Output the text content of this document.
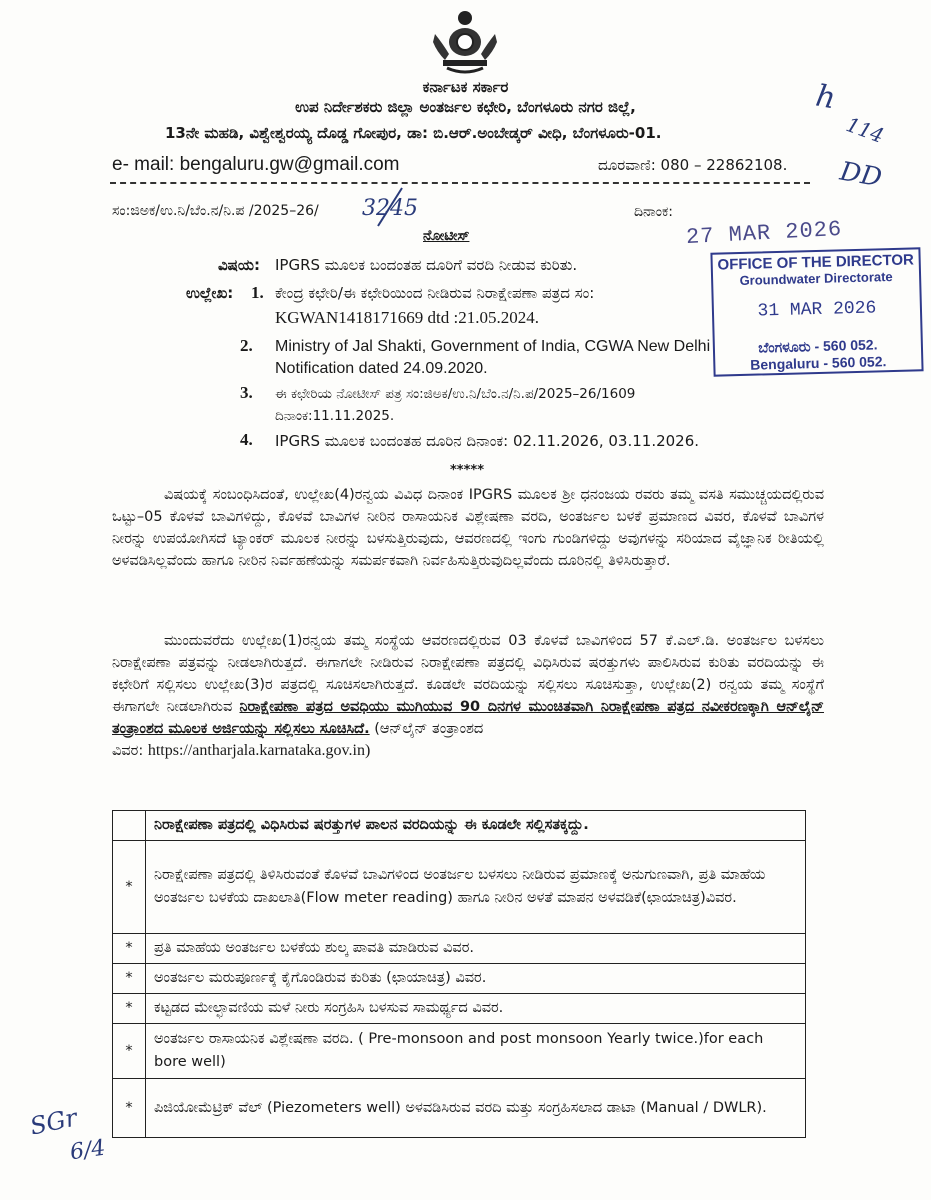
ಕರ್ನಾಟಕ ಸರ್ಕಾರ
ಉಪ ನಿರ್ದೇಶಕರು ಜಿಲ್ಲಾ ಅಂತರ್ಜಲ ಕಛೇರಿ, ಬೆಂಗಳೂರು ನಗರ ಜಿಲ್ಲೆ,
13ನೇ ಮಹಡಿ, ವಿಶ್ವೇಶ್ವರಯ್ಯ ದೊಡ್ಡ ಗೋಪುರ, ಡಾ: ಬಿ.ಆರ್.ಅಂಬೇಡ್ಕರ್ ವೀಧಿ, ಬೆಂಗಳೂರು-01.
e- mail: bengaluru.gw@gmail.com	ದೂರವಾಣಿ: 080 – 22862108.
ಸಂ:ಜಿಅಕ/ಉ.ನಿ/ಬೆಂ.ನ/ನಿ.ಪ /2025–26/ 3245	ದಿನಾಂಕ:
27 MAR 2026
ನೋಟೀಸ್
OFFICE OF THE DIRECTOR
Groundwater Directorate
31 MAR 2026
ಬೆಂಗಳೂರು - 560 052.
Bengaluru - 560 052.
ವಿಷಯ: IPGRS ಮೂಲಕ ಬಂದಂತಹ ದೂರಿಗೆ ವರದಿ ನೀಡುವ ಕುರಿತು.
ಉಲ್ಲೇಖ: 1. ಕೇಂದ್ರ ಕಛೇರಿ/ಈ ಕಛೇರಿಯಿಂದ ನೀಡಿರುವ ನಿರಾಕ್ಷೇಪಣಾ ಪತ್ರದ ಸಂ:
KGWAN1418171669 dtd :21.05.2024.
2. Ministry of Jal Shakti, Government of India, CGWA New Delhi
Notification dated 24.09.2020.
3. ಈ ಕಛೇರಿಯ ನೋಟೀಸ್ ಪತ್ರ ಸಂ:ಜಿಅಕ/ಉ.ನಿ/ಬೆಂ.ನ/ನಿ.ಪ/2025–26/1609
ದಿನಾಂಕ:11.11.2025.
4. IPGRS ಮೂಲಕ ಬಂದಂತಹ ದೂರಿನ ದಿನಾಂಕ: 02.11.2026, 03.11.2026.
*****
ವಿಷಯಕ್ಕೆ ಸಂಬಂಧಿಸಿದಂತೆ, ಉಲ್ಲೇಖ(4)ರನ್ವಯ ವಿವಿಧ ದಿನಾಂಕ IPGRS ಮೂಲಕ ಶ್ರೀ ಧನಂಜಯ ರವರು ತಮ್ಮ ವಸತಿ ಸಮುಚ್ಚಯದಲ್ಲಿರುವ ಒಟ್ಟು–05 ಕೊಳವೆ ಬಾವಿಗಳಿದ್ದು, ಕೊಳವೆ ಬಾವಿಗಳ ನೀರಿನ ರಾಸಾಯನಿಕ ವಿಶ್ಲೇಷಣಾ ವರದಿ, ಅಂತರ್ಜಲ ಬಳಕೆ ಪ್ರಮಾಣದ ವಿವರ, ಕೊಳವೆ ಬಾವಿಗಳ ನೀರನ್ನು ಉಪಯೋಗಿಸದೆ ಟ್ಯಾಂಕರ್ ಮೂಲಕ ನೀರನ್ನು ಬಳಸುತ್ತಿರುವುದು, ಆವರಣದಲ್ಲಿ ಇಂಗು ಗುಂಡಿಗಳಿದ್ದು ಅವುಗಳನ್ನು ಸರಿಯಾದ ವೈಜ್ಞಾನಿಕ ರೀತಿಯಲ್ಲಿ ಅಳವಡಿಸಿಲ್ಲವೆಂದು ಹಾಗೂ ನೀರಿನ ನಿರ್ವಹಣೆಯನ್ನು ಸಮರ್ಪಕವಾಗಿ ನಿರ್ವಹಿಸುತ್ತಿರುವುದಿಲ್ಲವೆಂದು ದೂರಿನಲ್ಲಿ ತಿಳಿಸಿರುತ್ತಾರೆ.
ಮುಂದುವರೆದು ಉಲ್ಲೇಖ(1)ರನ್ವಯ ತಮ್ಮ ಸಂಸ್ಥೆಯ ಆವರಣದಲ್ಲಿರುವ 03 ಕೊಳವೆ ಬಾವಿಗಳಿಂದ 57 ಕೆ.ಎಲ್.ಡಿ. ಅಂತರ್ಜಲ ಬಳಸಲು ನಿರಾಕ್ಷೇಪಣಾ ಪತ್ರವನ್ನು ನೀಡಲಾಗಿರುತ್ತದೆ. ಈಗಾಗಲೇ ನೀಡಿರುವ ನಿರಾಕ್ಷೇಪಣಾ ಪತ್ರದಲ್ಲಿ ವಿಧಿಸಿರುವ ಷರತ್ತುಗಳು ಪಾಲಿಸಿರುವ ಕುರಿತು ವರದಿಯನ್ನು ಈ ಕಛೇರಿಗೆ ಸಲ್ಲಿಸಲು ಉಲ್ಲೇಖ(3)ರ ಪತ್ರದಲ್ಲಿ ಸೂಚಿಸಲಾಗಿರುತ್ತದೆ. ಕೂಡಲೇ ವರದಿಯನ್ನು ಸಲ್ಲಿಸಲು ಸೂಚಿಸುತ್ತಾ, ಉಲ್ಲೇಖ(2) ರನ್ವಯ ತಮ್ಮ ಸಂಸ್ಥೆಗೆ ಈಗಾಗಲೇ ನೀಡಲಾಗಿರುವ ನಿರಾಕ್ಷೇಪಣಾ ಪತ್ರದ ಅವಧಿಯು ಮುಗಿಯುವ 90 ದಿನಗಳ ಮುಂಚಿತವಾಗಿ ನಿರಾಕ್ಷೇಪಣಾ ಪತ್ರದ ನವೀಕರಣಕ್ಕಾಗಿ ಆನ್‌ಲೈನ್ ತಂತ್ರಾಂಶದ ಮೂಲಕ ಅರ್ಜಿಯನ್ನು ಸಲ್ಲಿಸಲು ಸೂಚಿಸಿದೆ. (ಆನ್‌ಲೈನ್ ತಂತ್ರಾಂಶದ
ವಿವರ: https://antharjala.karnataka.gov.in)
	ನಿರಾಕ್ಷೇಪಣಾ ಪತ್ರದಲ್ಲಿ ವಿಧಿಸಿರುವ ಷರತ್ತುಗಳ ಪಾಲನ ವರದಿಯನ್ನು ಈ ಕೂಡಲೇ ಸಲ್ಲಿಸತಕ್ಕದ್ದು.
*	ನಿರಾಕ್ಷೇಪಣಾ ಪತ್ರದಲ್ಲಿ ತಿಳಿಸಿರುವಂತೆ ಕೊಳವೆ ಬಾವಿಗಳಿಂದ ಅಂತರ್ಜಲ ಬಳಸಲು ನೀಡಿರುವ ಪ್ರಮಾಣಕ್ಕೆ ಅನುಗುಣವಾಗಿ, ಪ್ರತಿ ಮಾಹೆಯ ಅಂತರ್ಜಲ ಬಳಕೆಯ ದಾಖಲಾತಿ(Flow meter reading) ಹಾಗೂ ನೀರಿನ ಅಳತೆ ಮಾಪನ ಅಳವಡಿಕೆ(ಛಾಯಾಚಿತ್ರ)ವಿವರ.
*	ಪ್ರತಿ ಮಾಹೆಯ ಅಂತರ್ಜಲ ಬಳಕೆಯ ಶುಲ್ಕ ಪಾವತಿ ಮಾಡಿರುವ ವಿವರ.
*	ಅಂತರ್ಜಲ ಮರುಪೂರ್ಣಕ್ಕೆ ಕೈಗೊಂಡಿರುವ ಕುರಿತು (ಛಾಯಾಚಿತ್ರ) ವಿವರ.
*	ಕಟ್ಟಡದ ಮೇಲ್ಛಾವಣಿಯ ಮಳೆ ನೀರು ಸಂಗ್ರಹಿಸಿ ಬಳಸುವ ಸಾಮರ್ಥ್ಯದ ವಿವರ.
*	ಅಂತರ್ಜಲ ರಾಸಾಯನಿಕ ವಿಶ್ಲೇಷಣಾ ವರದಿ. ( Pre-monsoon and post monsoon Yearly twice.)for each bore well)
*	ಪಿಜಿಯೋಮೆಟ್ರಿಕ್ ವೆಲ್ (Piezometers well) ಅಳವಡಿಸಿರುವ ವರದಿ ಮತ್ತು ಸಂಗ್ರಹಿಸಲಾದ ಡಾಟಾ (Manual / DWLR).
h
114
DD
SGr
6/4
